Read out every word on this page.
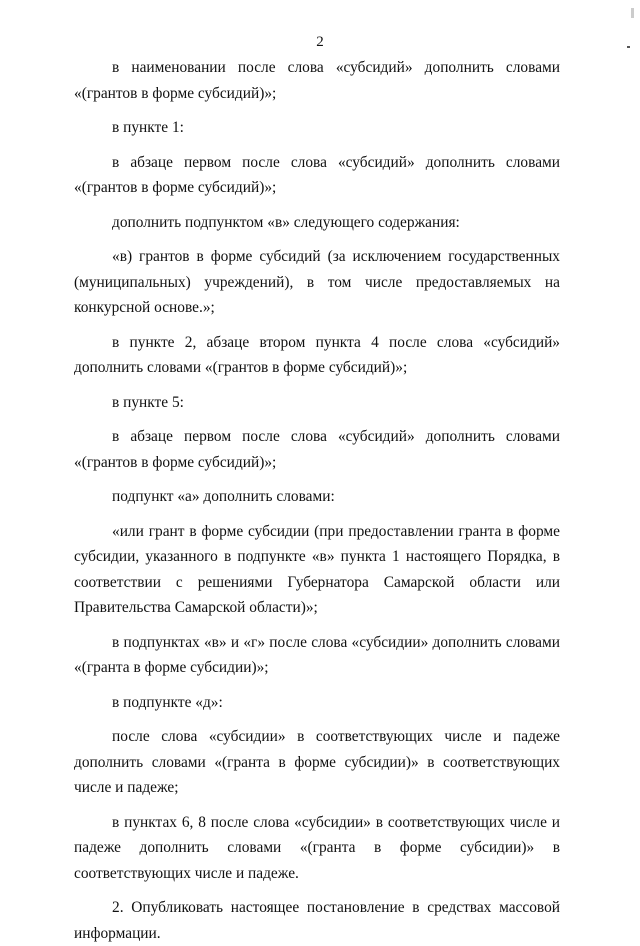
2

в наименовании после слова «субсидий» дополнить словами «(грантов в форме субсидий)»;

в пункте 1:

в абзаце первом после слова «субсидий» дополнить словами «(грантов в форме субсидий)»;

дополнить подпунктом «в» следующего содержания:

«в) грантов в форме субсидий (за исключением государственных (муниципальных) учреждений), в том числе предоставляемых на конкурсной основе.»;

в пункте 2, абзаце втором пункта 4 после слова «субсидий» дополнить словами «(грантов в форме субсидий)»;

в пункте 5:

в абзаце первом после слова «субсидий» дополнить словами «(грантов в форме субсидий)»;

подпункт «а» дополнить словами:

«или грант в форме субсидии (при предоставлении гранта в форме субсидии, указанного в подпункте «в» пункта 1 настоящего Порядка, в соответствии с решениями Губернатора Самарской области или Правительства Самарской области)»;

в подпунктах «в» и «г» после слова «субсидии» дополнить словами «(гранта в форме субсидии)»;

в подпункте «д»:

после слова «субсидии» в соответствующих числе и падеже дополнить словами «(гранта в форме субсидии)» в соответствующих числе и падеже;

в пунктах 6, 8 после слова «субсидии» в соответствующих числе и падеже дополнить словами «(гранта в форме субсидии)» в соответствующих числе и падеже.

2. Опубликовать настоящее постановление в средствах массовой информации.
